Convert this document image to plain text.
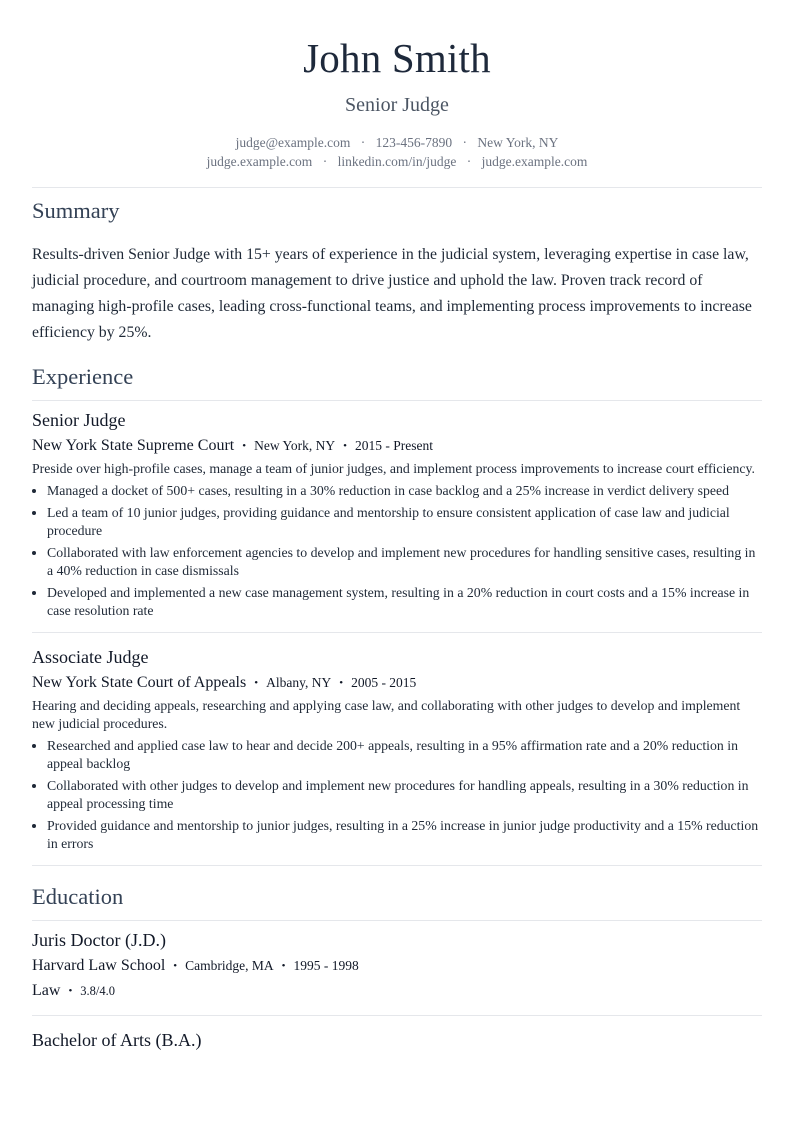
John Smith
Senior Judge
judge@example.com · 123-456-7890 · New York, NY
judge.example.com · linkedin.com/in/judge · judge.example.com
Summary

Results-driven Senior Judge with 15+ years of experience in the judicial system, leveraging expertise in case law, judicial procedure, and courtroom management to drive justice and uphold the law. Proven track record of managing high-profile cases, leading cross-functional teams, and implementing process improvements to increase efficiency by 25%.

Experience
Senior Judge
New York State Supreme Court • New York, NY • 2015 - Present

Preside over high-profile cases, manage a team of junior judges, and implement process improvements to increase court efficiency.

• Managed a docket of 500+ cases, resulting in a 30% reduction in case backlog and a 25% increase in verdict delivery speed
• Led a team of 10 junior judges, providing guidance and mentorship to ensure consistent application of case law and judicial procedure
• Collaborated with law enforcement agencies to develop and implement new procedures for handling sensitive cases, resulting in a 40% reduction in case dismissals
• Developed and implemented a new case management system, resulting in a 20% reduction in court costs and a 15% increase in case resolution rate
Associate Judge
New York State Court of Appeals • Albany, NY • 2005 - 2015

Hearing and deciding appeals, researching and applying case law, and collaborating with other judges to develop and implement new judicial procedures.

• Researched and applied case law to hear and decide 200+ appeals, resulting in a 95% affirmation rate and a 20% reduction in appeal backlog
• Collaborated with other judges to develop and implement new procedures for handling appeals, resulting in a 30% reduction in appeal processing time
• Provided guidance and mentorship to junior judges, resulting in a 25% increase in junior judge productivity and a 15% reduction in errors
Education
Juris Doctor (J.D.)
Harvard Law School • Cambridge, MA • 1995 - 1998
Law • 3.8/4.0
Bachelor of Arts (B.A.)
